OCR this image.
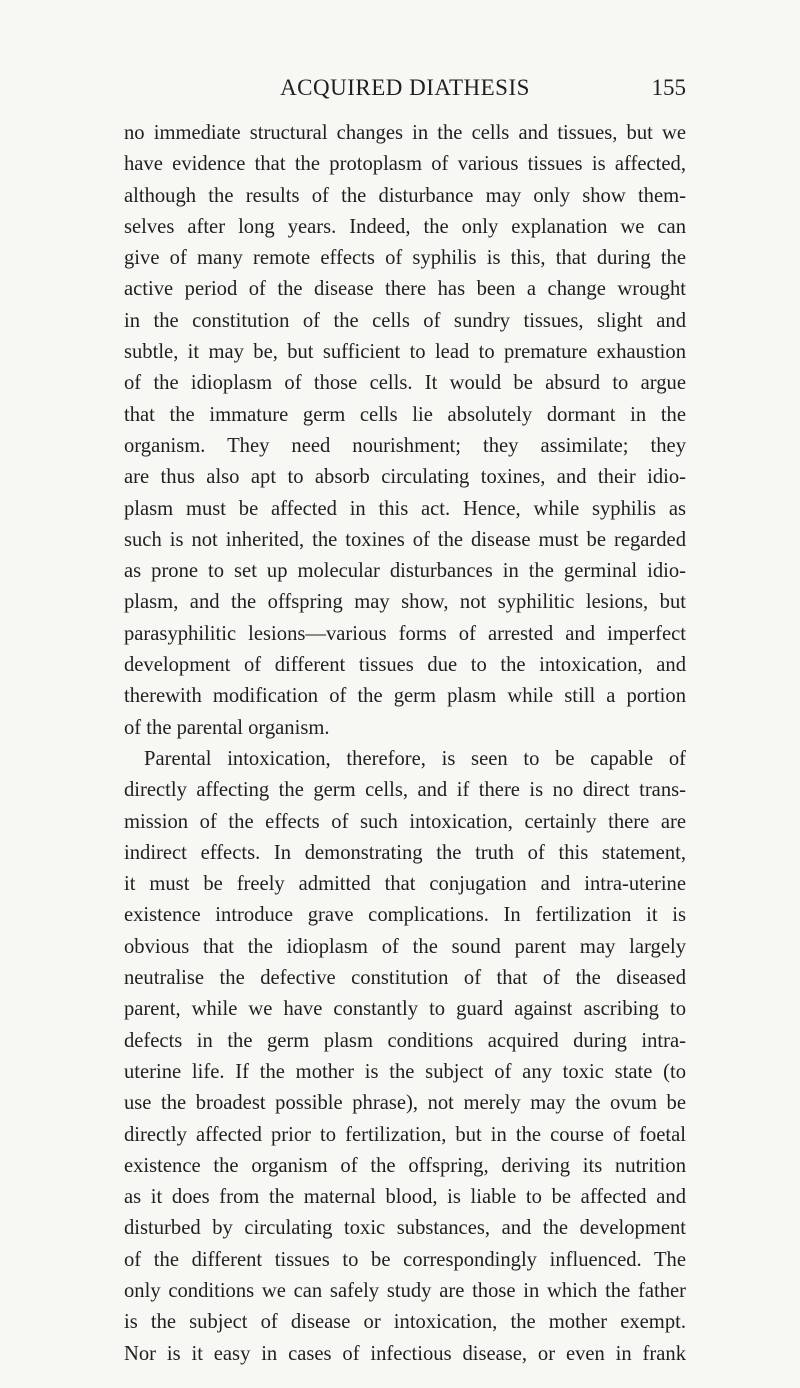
ACQUIRED DIATHESIS	155
no immediate structural changes in the cells and tissues, but we
have evidence that the protoplasm of various tissues is affected,
although the results of the disturbance may only show them-
selves after long years. Indeed, the only explanation we can
give of many remote effects of syphilis is this, that during the
active period of the disease there has been a change wrought
in the constitution of the cells of sundry tissues, slight and
subtle, it may be, but sufficient to lead to premature exhaustion
of the idioplasm of those cells. It would be absurd to argue
that the immature germ cells lie absolutely dormant in the
organism. They need nourishment; they assimilate; they
are thus also apt to absorb circulating toxines, and their idio-
plasm must be affected in this act. Hence, while syphilis as
such is not inherited, the toxines of the disease must be regarded
as prone to set up molecular disturbances in the germinal idio-
plasm, and the offspring may show, not syphilitic lesions, but
parasyphilitic lesions—various forms of arrested and imperfect
development of different tissues due to the intoxication, and
therewith modification of the germ plasm while still a portion
of the parental organism.
Parental intoxication, therefore, is seen to be capable of
directly affecting the germ cells, and if there is no direct trans-
mission of the effects of such intoxication, certainly there are
indirect effects. In demonstrating the truth of this statement,
it must be freely admitted that conjugation and intra-uterine
existence introduce grave complications. In fertilization it is
obvious that the idioplasm of the sound parent may largely
neutralise the defective constitution of that of the diseased
parent, while we have constantly to guard against ascribing to
defects in the germ plasm conditions acquired during intra-
uterine life. If the mother is the subject of any toxic state (to
use the broadest possible phrase), not merely may the ovum be
directly affected prior to fertilization, but in the course of foetal
existence the organism of the offspring, deriving its nutrition
as it does from the maternal blood, is liable to be affected and
disturbed by circulating toxic substances, and the development
of the different tissues to be correspondingly influenced. The
only conditions we can safely study are those in which the father
is the subject of disease or intoxication, the mother exempt.
Nor is it easy in cases of infectious disease, or even in frank
